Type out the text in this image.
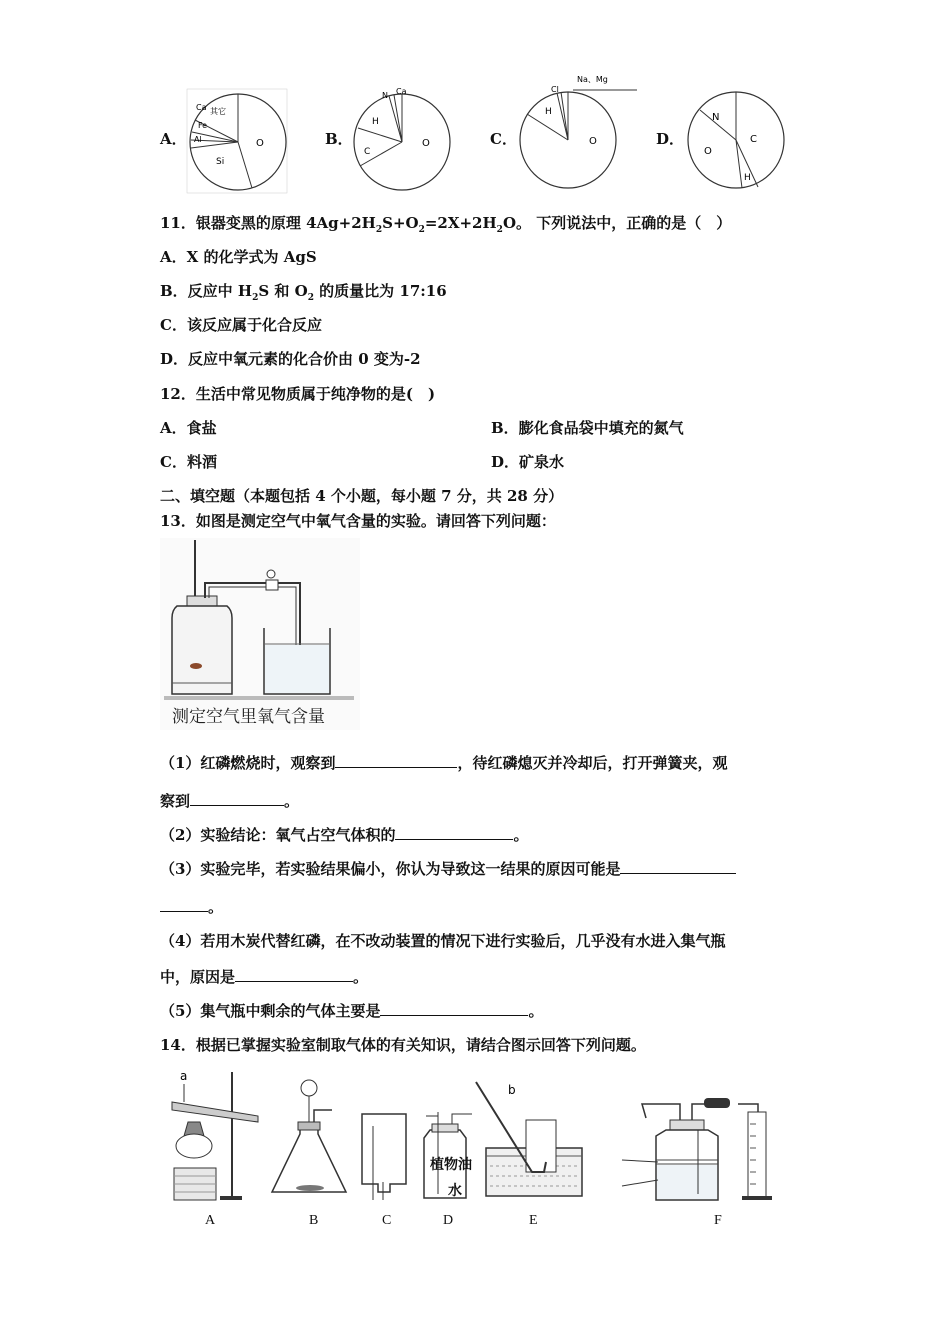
A．	B．	C．	D．
Ca 其它
Fe
Al
Si
O
N Ca
H
C
O
Cl
Na、Mg
H
O
N
O
C
H
11．银器变黑的原理 $4Ag+2H_2S+O_2=2X+2H_2O$。 下列说法中，正确的是（　）
A．X 的化学式为 AgS
B．反应中 $H_2S$ 和 $O_2$ 的质量比为 17:16
C．该反应属于化合反应
D．反应中氧元素的化合价由 0 变为-2
12．生活中常见物质属于纯净物的是(　)
A．食盐	B．膨化食品袋中填充的氮气
C．料酒	D．矿泉水
二、填空题（本题包括 4 个小题，每小题 7 分，共 28 分）
13．如图是测定空气中氧气含量的实验。请回答下列问题：
测定空气里氧气含量
（1）红磷燃烧时，观察到	，待红磷熄灭并冷却后，打开弹簧夹，观
察到	。
（2）实验结论：氧气占空气体积的	。
（3）实验完毕，若实验结果偏小，你认为导致这一结果的原因可能是
。
（4）若用木炭代替红磷，在不改动装置的情况下进行实验后，几乎没有水进入集气瓶
中，原因是	。
（5）集气瓶中剩余的气体主要是	。
14．根据已掌握实验室制取气体的有关知识，请结合图示回答下列问题。
a
b
植物油
水
A	B	C	D	E	F
